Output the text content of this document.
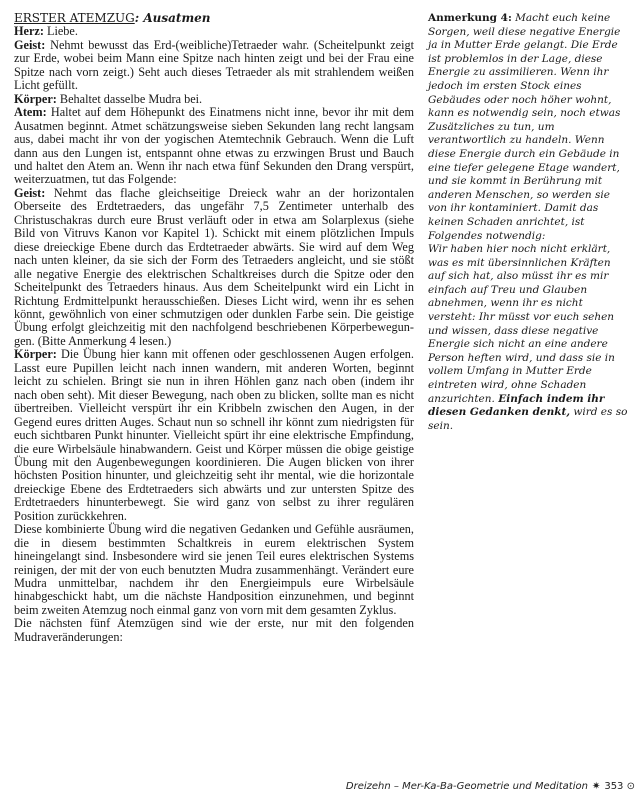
ERSTER ATEMZUG: Ausatmen

Herz: Liebe.

Geist: Nehmt bewusst das Erd-(weibliche)Tetraeder wahr. (Scheitelpunkt zeigt zur Erde, wobei beim Mann eine Spitze nach hinten zeigt und bei der Frau eine Spitze nach vorn zeigt.) Seht auch dieses Tetraeder als mit strahlendem weißen Licht gefüllt.

Körper: Behaltet dasselbe Mudra bei.

Atem: Haltet auf dem Höhepunkt des Einatmens nicht inne, bevor ihr mit dem Ausatmen beginnt. Atmet schätzungsweise sieben Sekunden lang recht langsam aus, dabei macht ihr von der yogischen Atemtechnik Gebrauch. Wenn die Luft dann aus den Lungen ist, entspannt ohne etwas zu erzwingen Brust und Bauch und haltet den Atem an. Wenn ihr nach etwa fünf Sekunden den Drang verspürt, weiterzuatmen, tut das Folgende:

Geist: Nehmt das flache gleichseitige Dreieck wahr an der horizontalen Oberseite des Erdtetraeders, das ungefähr 7,5 Zentimeter unterhalb des Christuschakras durch eure Brust verläuft oder in etwa am Solarplexus (siehe Bild von Vitruvs Kanon vor Kapitel 1). Schickt mit einem plötzlichen Impuls diese dreieckige Ebene durch das Erdtetraeder abwärts. Sie wird auf dem Weg nach unten kleiner, da sie sich der Form des Tetraeders angleicht, und sie stößt alle negative Energie des elektrischen Schaltkreises durch die Spitze oder den Scheitelpunkt des Tetraeders hinaus. Aus dem Scheitelpunkt wird ein Licht in Richtung Erdmittelpunkt herausschießen. Dieses Licht wird, wenn ihr es sehen könnt, gewöhnlich von einer schmutzigen oder dunklen Farbe sein. Die geistige Übung erfolgt gleichzeitig mit den nachfolgend beschriebenen Körperbewegungen. (Bitte Anmerkung 4 lesen.)

Körper: Die Übung hier kann mit offenen oder geschlossenen Augen erfolgen. Lasst eure Pupillen leicht nach innen wandern, mit anderen Worten, beginnt leicht zu schielen. Bringt sie nun in ihren Höhlen ganz nach oben (indem ihr nach oben seht). Mit dieser Bewegung, nach oben zu blicken, sollte man es nicht übertreiben. Vielleicht verspürt ihr ein Kribbeln zwischen den Augen, in der Gegend eures dritten Auges. Schaut nun so schnell ihr könnt zum niedrigsten für euch sichtbaren Punkt hinunter. Vielleicht spürt ihr eine elektrische Empfindung, die eure Wirbelsäule hinabwandern. Geist und Körper müssen die obige geistige Übung mit den Augenbewegungen koordinieren. Die Augen blicken von ihrer höchsten Position hinunter, und gleichzeitig seht ihr mental, wie die horizontale dreieckige Ebene des Erdtetraeders sich abwärts und zur untersten Spitze des Erdtetraeders hinunterbewegt. Sie wird ganz von selbst zu ihrer regulären Position zurückkehren.

Diese kombinierte Übung wird die negativen Gedanken und Gefühle ausräumen, die in diesem bestimmten Schaltkreis in eurem elektrischen System hineingelangt sind. Insbesondere wird sie jenen Teil eures elektrischen Systems reinigen, der mit der von euch benutzten Mudra zusammenhängt. Verändert eure Mudra unmittelbar, nachdem ihr den Energieimpuls eure Wirbelsäule hinabgeschickt habt, um die nächste Handposition einzunehmen, und beginnt beim zweiten Atemzug noch einmal ganz von vorn mit dem gesamten Zyklus.

Die nächsten fünf Atemzügen sind wie der erste, nur mit den folgenden Mudraveränderungen:

Anmerkung 4: Macht euch keine Sorgen, weil diese negative Energie ja in Mutter Erde gelangt. Die Erde ist problemlos in der Lage, diese Energie zu assimilieren. Wenn ihr jedoch im ersten Stock eines Gebäudes oder noch höher wohnt, kann es notwendig sein, noch etwas Zusätzliches zu tun, um verantwortlich zu handeln. Wenn diese Energie durch ein Gebäude in eine tiefer gelegene Etage wandert, und sie kommt in Berührung mit anderen Menschen, so werden sie von ihr kontaminiert. Damit das keinen Schaden anrichtet, ist Folgendes notwendig:

Wir haben hier noch nicht erklärt, was es mit übersinnlichen Kräften auf sich hat, also müsst ihr es mir einfach auf Treu und Glauben abnehmen, wenn ihr es nicht versteht: Ihr müsst vor euch sehen und wissen, dass diese negative Energie sich nicht an eine andere Person heften wird, und dass sie in vollem Umfang in Mutter Erde eintreten wird, ohne Schaden anzurichten. Einfach indem ihr diesen Gedanken denkt, wird es so sein.

Dreizehn – Mer-Ka-Ba-Geometrie und Meditation ✷ 353 ⊙
